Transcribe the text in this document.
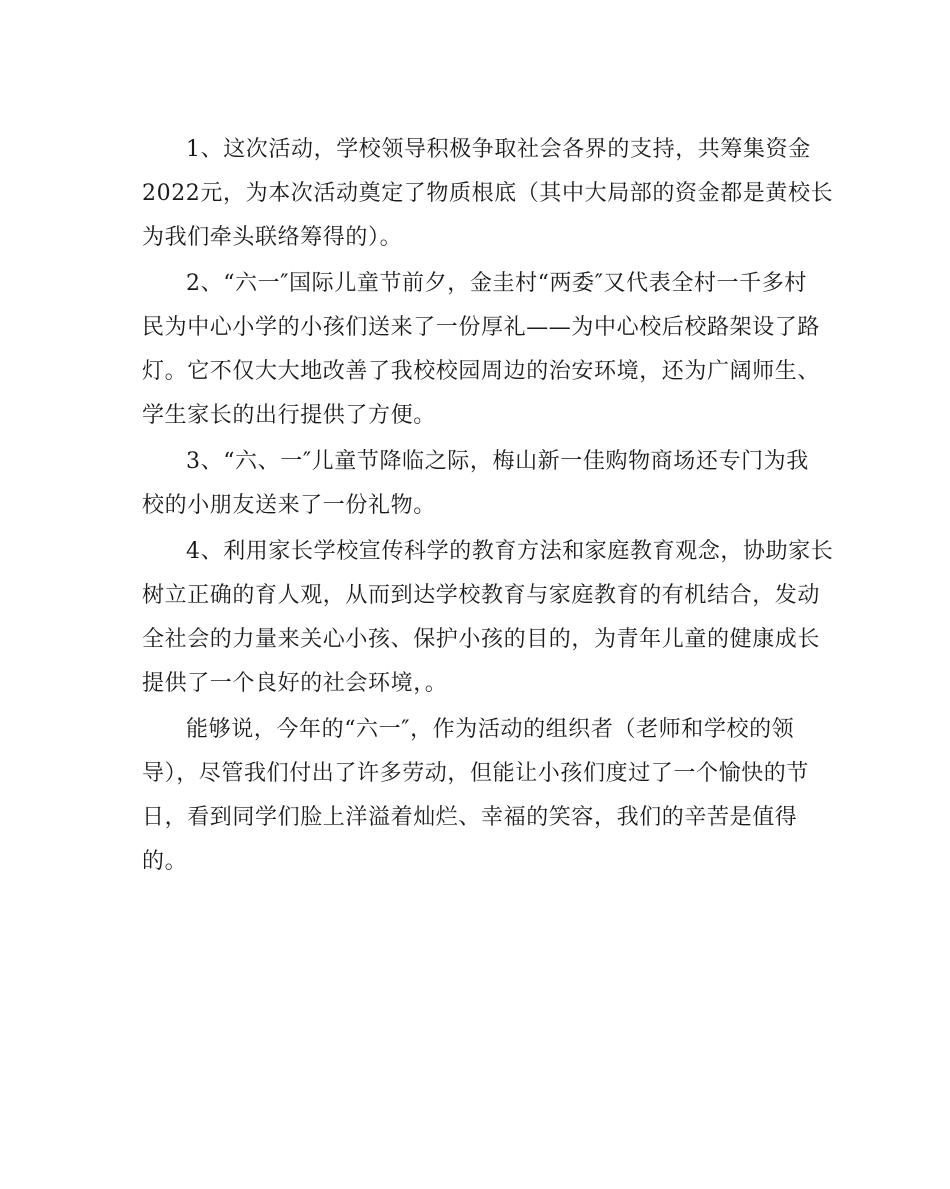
1、这次活动，学校领导积极争取社会各界的支持，共筹集资金
2022元，为本次活动奠定了物质根底（其中大局部的资金都是黄校长
为我们牵头联络筹得的）。
2、“六一″国际儿童节前夕，金圭村“两委″又代表全村一千多村
民为中心小学的小孩们送来了一份厚礼——为中心校后校路架设了路
灯。它不仅大大地改善了我校校园周边的治安环境，还为广阔师生、
学生家长的出行提供了方便。
3、“六、一″儿童节降临之际，梅山新一佳购物商场还专门为我
校的小朋友送来了一份礼物。
4、利用家长学校宣传科学的教育方法和家庭教育观念，协助家长
树立正确的育人观，从而到达学校教育与家庭教育的有机结合，发动
全社会的力量来关心小孩、保护小孩的目的，为青年儿童的健康成长
提供了一个良好的社会环境，。
能够说，今年的“六一″，作为活动的组织者（老师和学校的领
导），尽管我们付出了许多劳动，但能让小孩们度过了一个愉快的节
日，看到同学们脸上洋溢着灿烂、幸福的笑容，我们的辛苦是值得
的。
